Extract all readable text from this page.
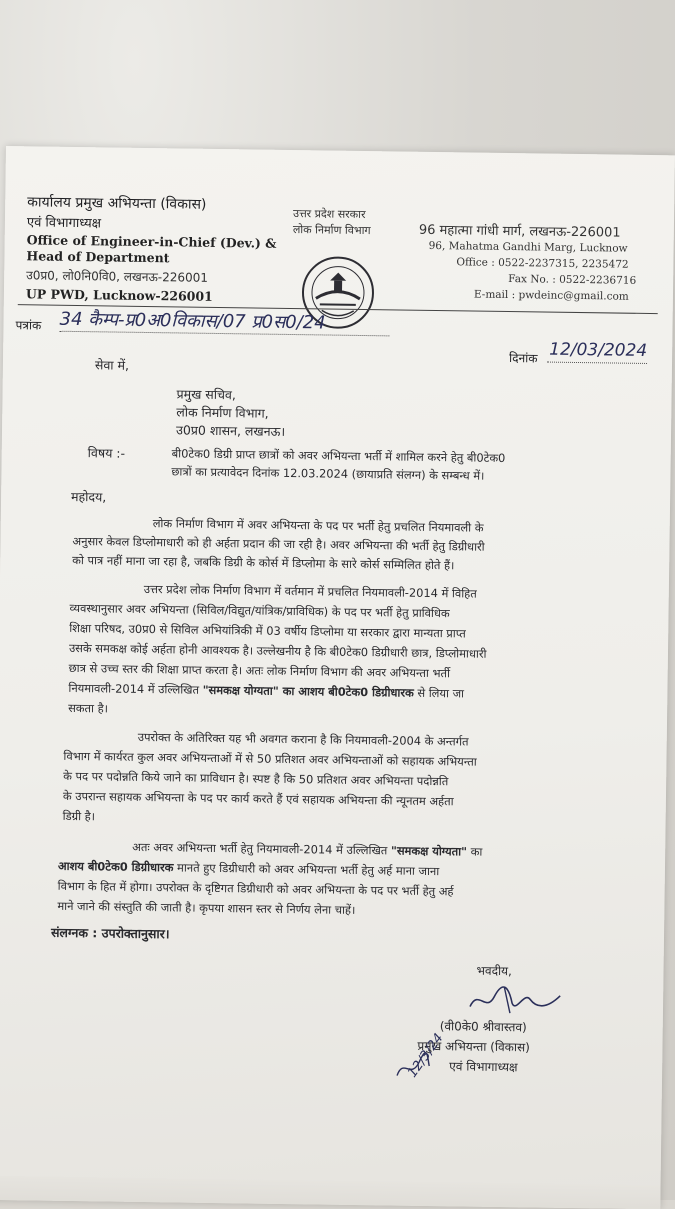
कार्यालय प्रमुख अभियन्ता (विकास)
एवं विभागाध्यक्ष
Office of Engineer-in-Chief (Dev.) &
Head of Department
उ0प्र0, लो0नि0वि0, लखनऊ-226001
UP PWD, Lucknow-226001
उत्तर प्रदेश सरकार
लोक निर्माण विभाग	96 महात्मा गांधी मार्ग, लखनऊ-226001
96, Mahatma Gandhi Marg, Lucknow
Office : 0522-2237315, 2235472
Fax No. : 0522-2236716
E-mail : pwdeinc@gmail.com
पत्रांक 34 कैम्प-प्र0अ0विकास/07 प्र0स0/24
दिनांक 12/03/2024
सेवा में,
प्रमुख सचिव,
लोक निर्माण विभाग,
उ0प्र0 शासन, लखनऊ।
विषय :-	बी0टेक0 डिग्री प्राप्त छात्रों को अवर अभियन्ता भर्ती में शामिल करने हेतु बी0टेक0
छात्रों का प्रत्यावेदन दिनांक 12.03.2024 (छायाप्रति संलग्न) के सम्बन्ध में।
महोदय,
लोक निर्माण विभाग में अवर अभियन्ता के पद पर भर्ती हेतु प्रचलित नियमावली के
अनुसार केवल डिप्लोमाधारी को ही अर्हता प्रदान की जा रही है। अवर अभियन्ता की भर्ती हेतु डिग्रीधारी
को पात्र नहीं माना जा रहा है, जबकि डिग्री के कोर्स में डिप्लोमा के सारे कोर्स सम्मिलित होते हैं।
उत्तर प्रदेश लोक निर्माण विभाग में वर्तमान में प्रचलित नियमावली-2014 में विहित
व्यवस्थानुसार अवर अभियन्ता (सिविल/विद्युत/यांत्रिक/प्राविधिक) के पद पर भर्ती हेतु प्राविधिक
शिक्षा परिषद, उ0प्र0 से सिविल अभियांत्रिकी में 03 वर्षीय डिप्लोमा या सरकार द्वारा मान्यता प्राप्त
उसके समकक्ष कोई अर्हता होनी आवश्यक है। उल्लेखनीय है कि बी0टेक0 डिग्रीधारी छात्र, डिप्लोमाधारी
छात्र से उच्च स्तर की शिक्षा प्राप्त करता है। अतः लोक निर्माण विभाग की अवर अभियन्ता भर्ती
नियमावली-2014 में उल्लिखित "समकक्ष योग्यता" का आशय बी0टेक0 डिग्रीधारक से लिया जा
सकता है।
उपरोक्त के अतिरिक्त यह भी अवगत कराना है कि नियमावली-2004 के अन्तर्गत
विभाग में कार्यरत कुल अवर अभियन्ताओं में से 50 प्रतिशत अवर अभियन्ताओं को सहायक अभियन्ता
के पद पर पदोन्नति किये जाने का प्राविधान है। स्पष्ट है कि 50 प्रतिशत अवर अभियन्ता पदोन्नति
के उपरान्त सहायक अभियन्ता के पद पर कार्य करते हैं एवं सहायक अभियन्ता की न्यूनतम अर्हता
डिग्री है।
अतः अवर अभियन्ता भर्ती हेतु नियमावली-2014 में उल्लिखित "समकक्ष योग्यता" का
आशय बी0टेक0 डिग्रीधारक मानते हुए डिग्रीधारी को अवर अभियन्ता भर्ती हेतु अर्ह माना जाना
विभाग के हित में होगा। उपरोक्त के दृष्टिगत डिग्रीधारी को अवर अभियन्ता के पद पर भर्ती हेतु अर्ह
माने जाने की संस्तुति की जाती है। कृपया शासन स्तर से निर्णय लेना चाहें।
संलग्नक : उपरोक्तानुसार।
भवदीय,
(वी0के0 श्रीवास्तव)
प्रमुख अभियन्ता (विकास)
एवं विभागाध्यक्ष
12/3/24
